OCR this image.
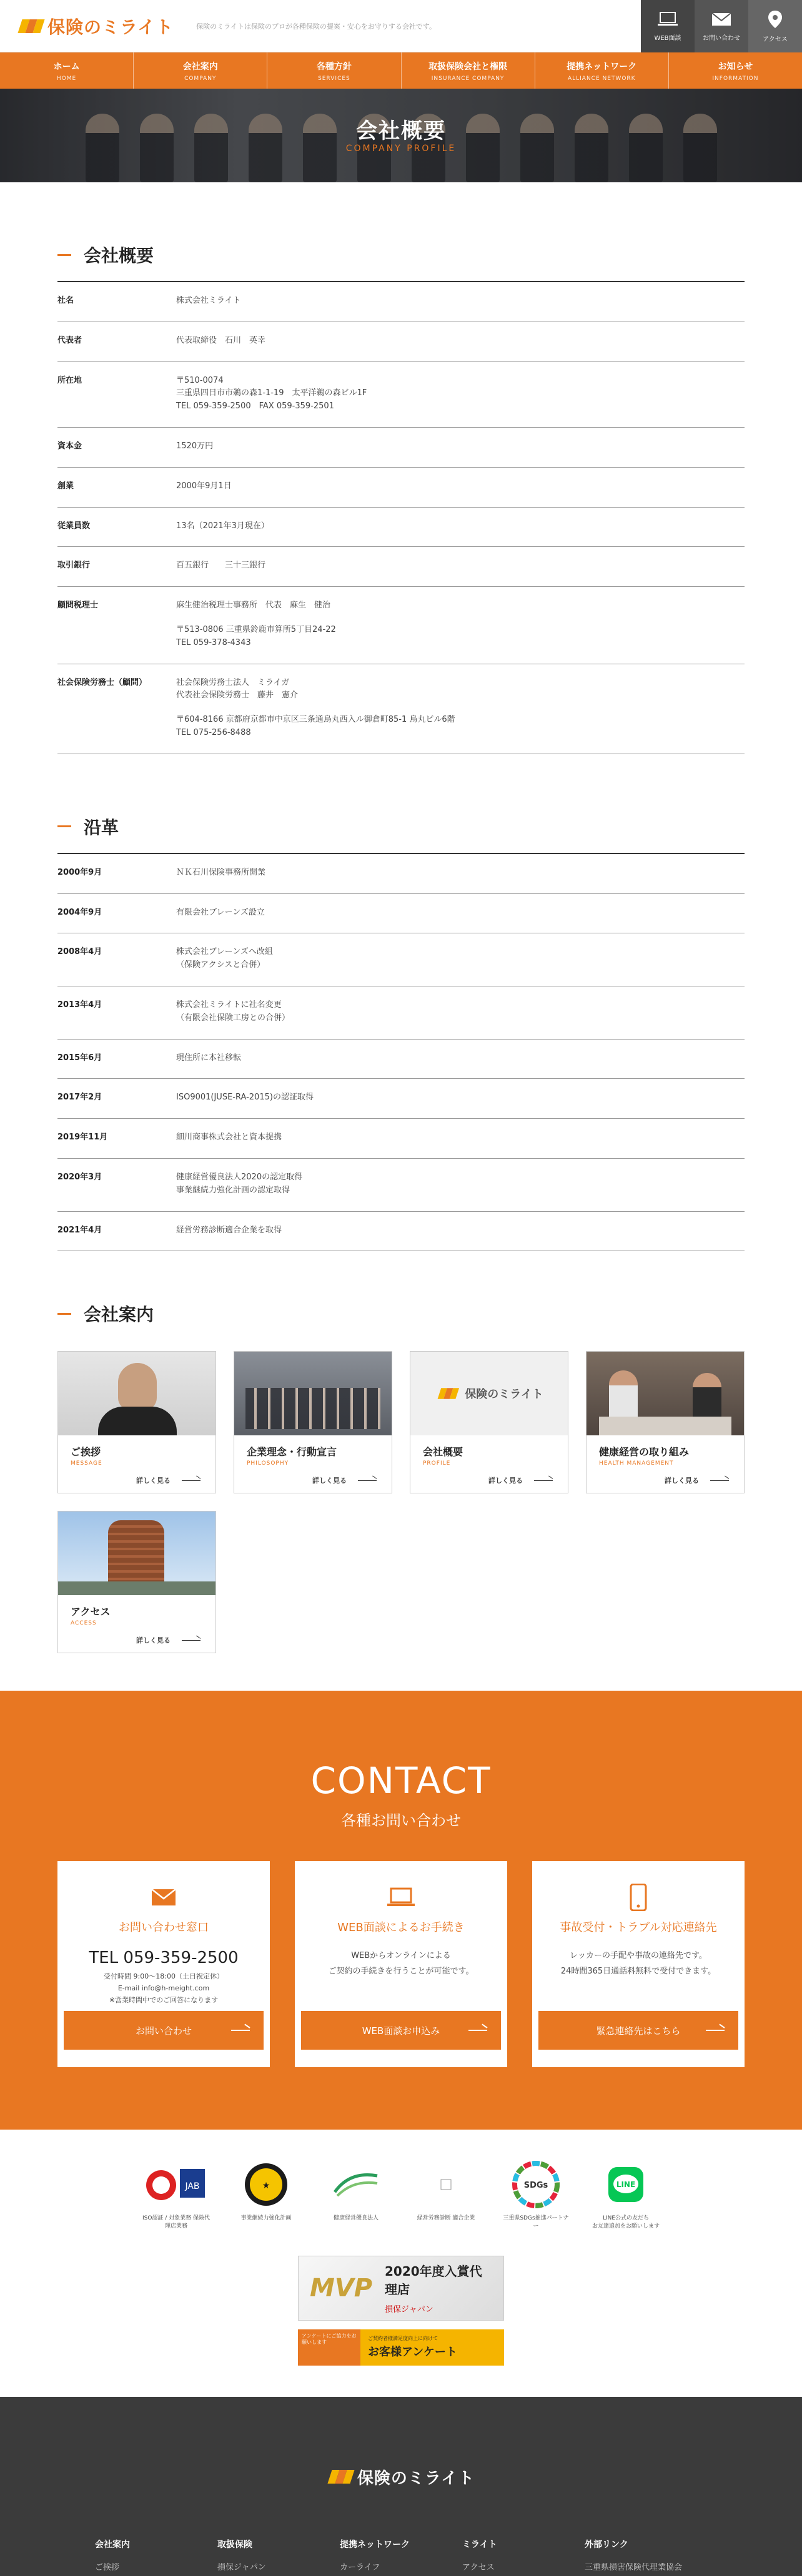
保険のミライト	保険のミライトは保険のプロが各種保険の提案・安心をお守りする会社です。
WEB面談	お問い合わせ	アクセス
ホーム
HOME
会社案内
COMPANY
各種方針
SERVICES
取扱保険会社と権限
INSURANCE COMPANY
提携ネットワーク
ALLIANCE NETWORK
お知らせ
INFORMATION
会社概要
COMPANY PROFILE
会社概要
社名	株式会社ミライト

代表者	代表取締役　石川　英幸

所在地	〒510-0074
三重県四日市市鵜の森1-1-19　太平洋鵜の森ビル1F
TEL 059-359-2500　FAX 059-359-2501

資本金	1520万円

創業	2000年9月1日

従業員数	13名（2021年3月現在）

取引銀行	百五銀行　　三十三銀行

顧問税理士	麻生健治税理士事務所　代表　麻生　健治

〒513-0806 三重県鈴鹿市算所5丁目24-22
TEL 059-378-4343

社会保険労務士（顧問）	社会保険労務士法人　ミライガ
代表社会保険労務士　藤井　憲介

〒604-8166 京都府京都市中京区三条通烏丸西入ル御倉町85-1 烏丸ビル6階
TEL 075-256-8488

沿革
2000年9月	ＮＫ石川保険事務所開業

2004年9月	有限会社ブレーンズ設立

2008年4月	株式会社ブレーンズへ改組
（保険アクシスと合併）

2013年4月	株式会社ミライトに社名変更
（有限会社保険工房との合併）

2015年6月	現住所に本社移転

2017年2月	ISO9001(JUSE-RA-2015)の認証取得

2019年11月	細川商事株式会社と資本提携

2020年3月	健康経営優良法人2020の認定取得
事業継続力強化計画の認定取得

2021年4月	経営労務診断適合企業を取得

会社案内
ご挨拶
MESSAGE
詳しく見る
企業理念・行動宣言
PHILOSOPHY
詳しく見る
保険のミライト
会社概要
PROFILE
詳しく見る
健康経営の取り組み
HEALTH MANAGEMENT
詳しく見る
アクセス
ACCESS
詳しく見る
CONTACT
各種お問い合わせ
お問い合わせ窓口
TEL 059-359-2500
受付時間 9:00～18:00（土日祝定休）
E-mail info@h-meight.com
※営業時間中でのご回答になります
お問い合わせ
WEB面談によるお手続き
WEBからオンラインによる
ご契約の手続きを行うことが可能です。
WEB面談お申込み
事故受付・トラブル対応連絡先
レッカーの手配や事故の連絡先です。
24時間365日通話料無料で受付できます。
緊急連絡先はこちら
JAB
ISO認証 / 対象業務 保険代理店業務
★
事業継続力強化計画	健康経営優良法人	経営労務診断 適合企業
SDGs
三重県SDGs推進パートナー
LINE
LINE公式の友だち
お友達追加をお願いします
MVP
2020年度入賞代理店
損保ジャパン
アンケートにご協力をお願いします
ご契約者様満足度向上に向けて
お客様アンケート
保険のミライト
会社案内
ご挨拶
取扱保険
損保ジャパン
提携ネットワーク
カーライフ
ミライト
アクセス
外部リンク
三重県損害保険代理業協会
